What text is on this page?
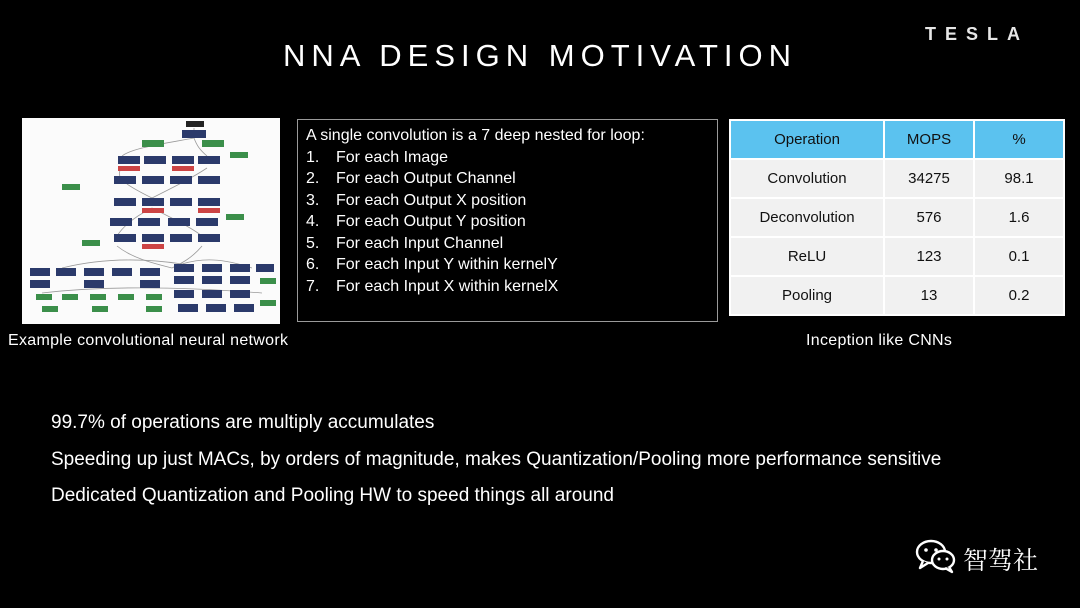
NNA DESIGN MOTIVATION
TESLA
Example convolutional neural network
A single convolution is a 7 deep nested for loop:
1. For each Image
2. For each Output Channel
3. For each Output X position
4. For each Output Y position
5. For each Input Channel
6. For each Input Y within kernelY
7. For each Input X within kernelX
Operation	MOPS	%
Convolution	34275	98.1
Deconvolution	576	1.6
ReLU	123	0.1
Pooling	13	0.2
Inception like CNNs
99.7% of operations are multiply accumulates
Speeding up just MACs, by orders of magnitude, makes Quantization/Pooling more performance sensitive
Dedicated Quantization and Pooling HW to speed things all around
智驾社
